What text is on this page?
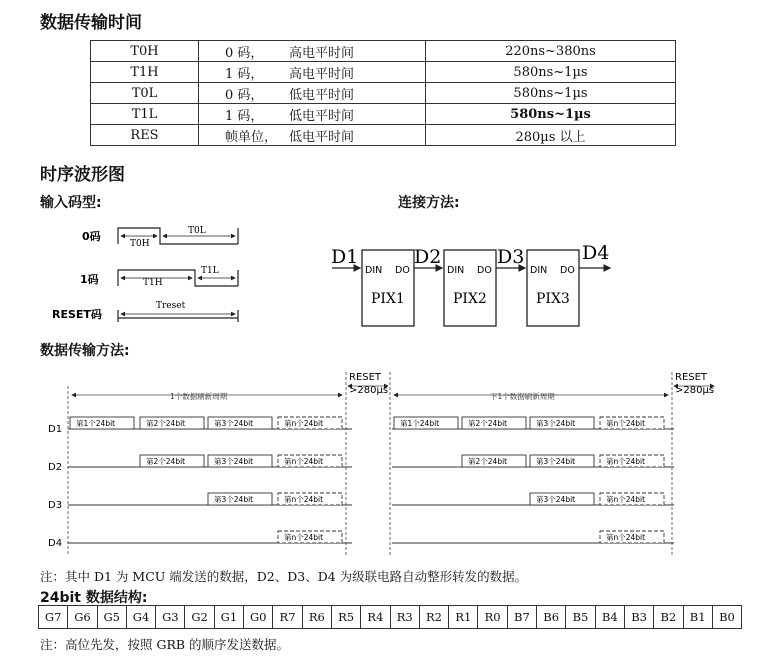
数据传输时间
T0H	0 码， 高电平时间	220ns~380ns
T1H	1 码， 高电平时间	580ns~1µs
T0L	0 码， 低电平时间	580ns~1µs
T1L	1 码， 低电平时间	580ns~1µs
RES	帧单位， 低电平时间	280µs 以上
时序波形图
输入码型:	连接方法:
数据传输方法:
0码
1码
RESET码
T0H
T0L
T1H
T1L
Treset
D1	D2	D3	D4
DIN DO
PIX1
DIN DO
PIX2
DIN DO
PIX3
1个数据刷新周期	下1个数据刷新周期
RESET
>280µs
RESET
>280µs
D1
D2
D3
D4
第1个24bit	第2个24bit	第3个24bit	第n个24bit	第1个24bit	第2个24bit	第3个24bit	第n个24bit
第2个24bit	第3个24bit	第n个24bit	第2个24bit	第3个24bit	第n个24bit
第3个24bit	第n个24bit	第3个24bit	第n个24bit
第n个24bit	第n个24bit
注：其中 D1 为 MCU 端发送的数据，D2、D3、D4 为级联电路自动整形转发的数据。
24bit 数据结构:
G7	G6	G5	G4	G3	G2	G1	G0	R7	R6	R5	R4	R3	R2	R1	R0	B7	B6	B5	B4	B3	B2	B1	B0
注：高位先发，按照 GRB 的顺序发送数据。
